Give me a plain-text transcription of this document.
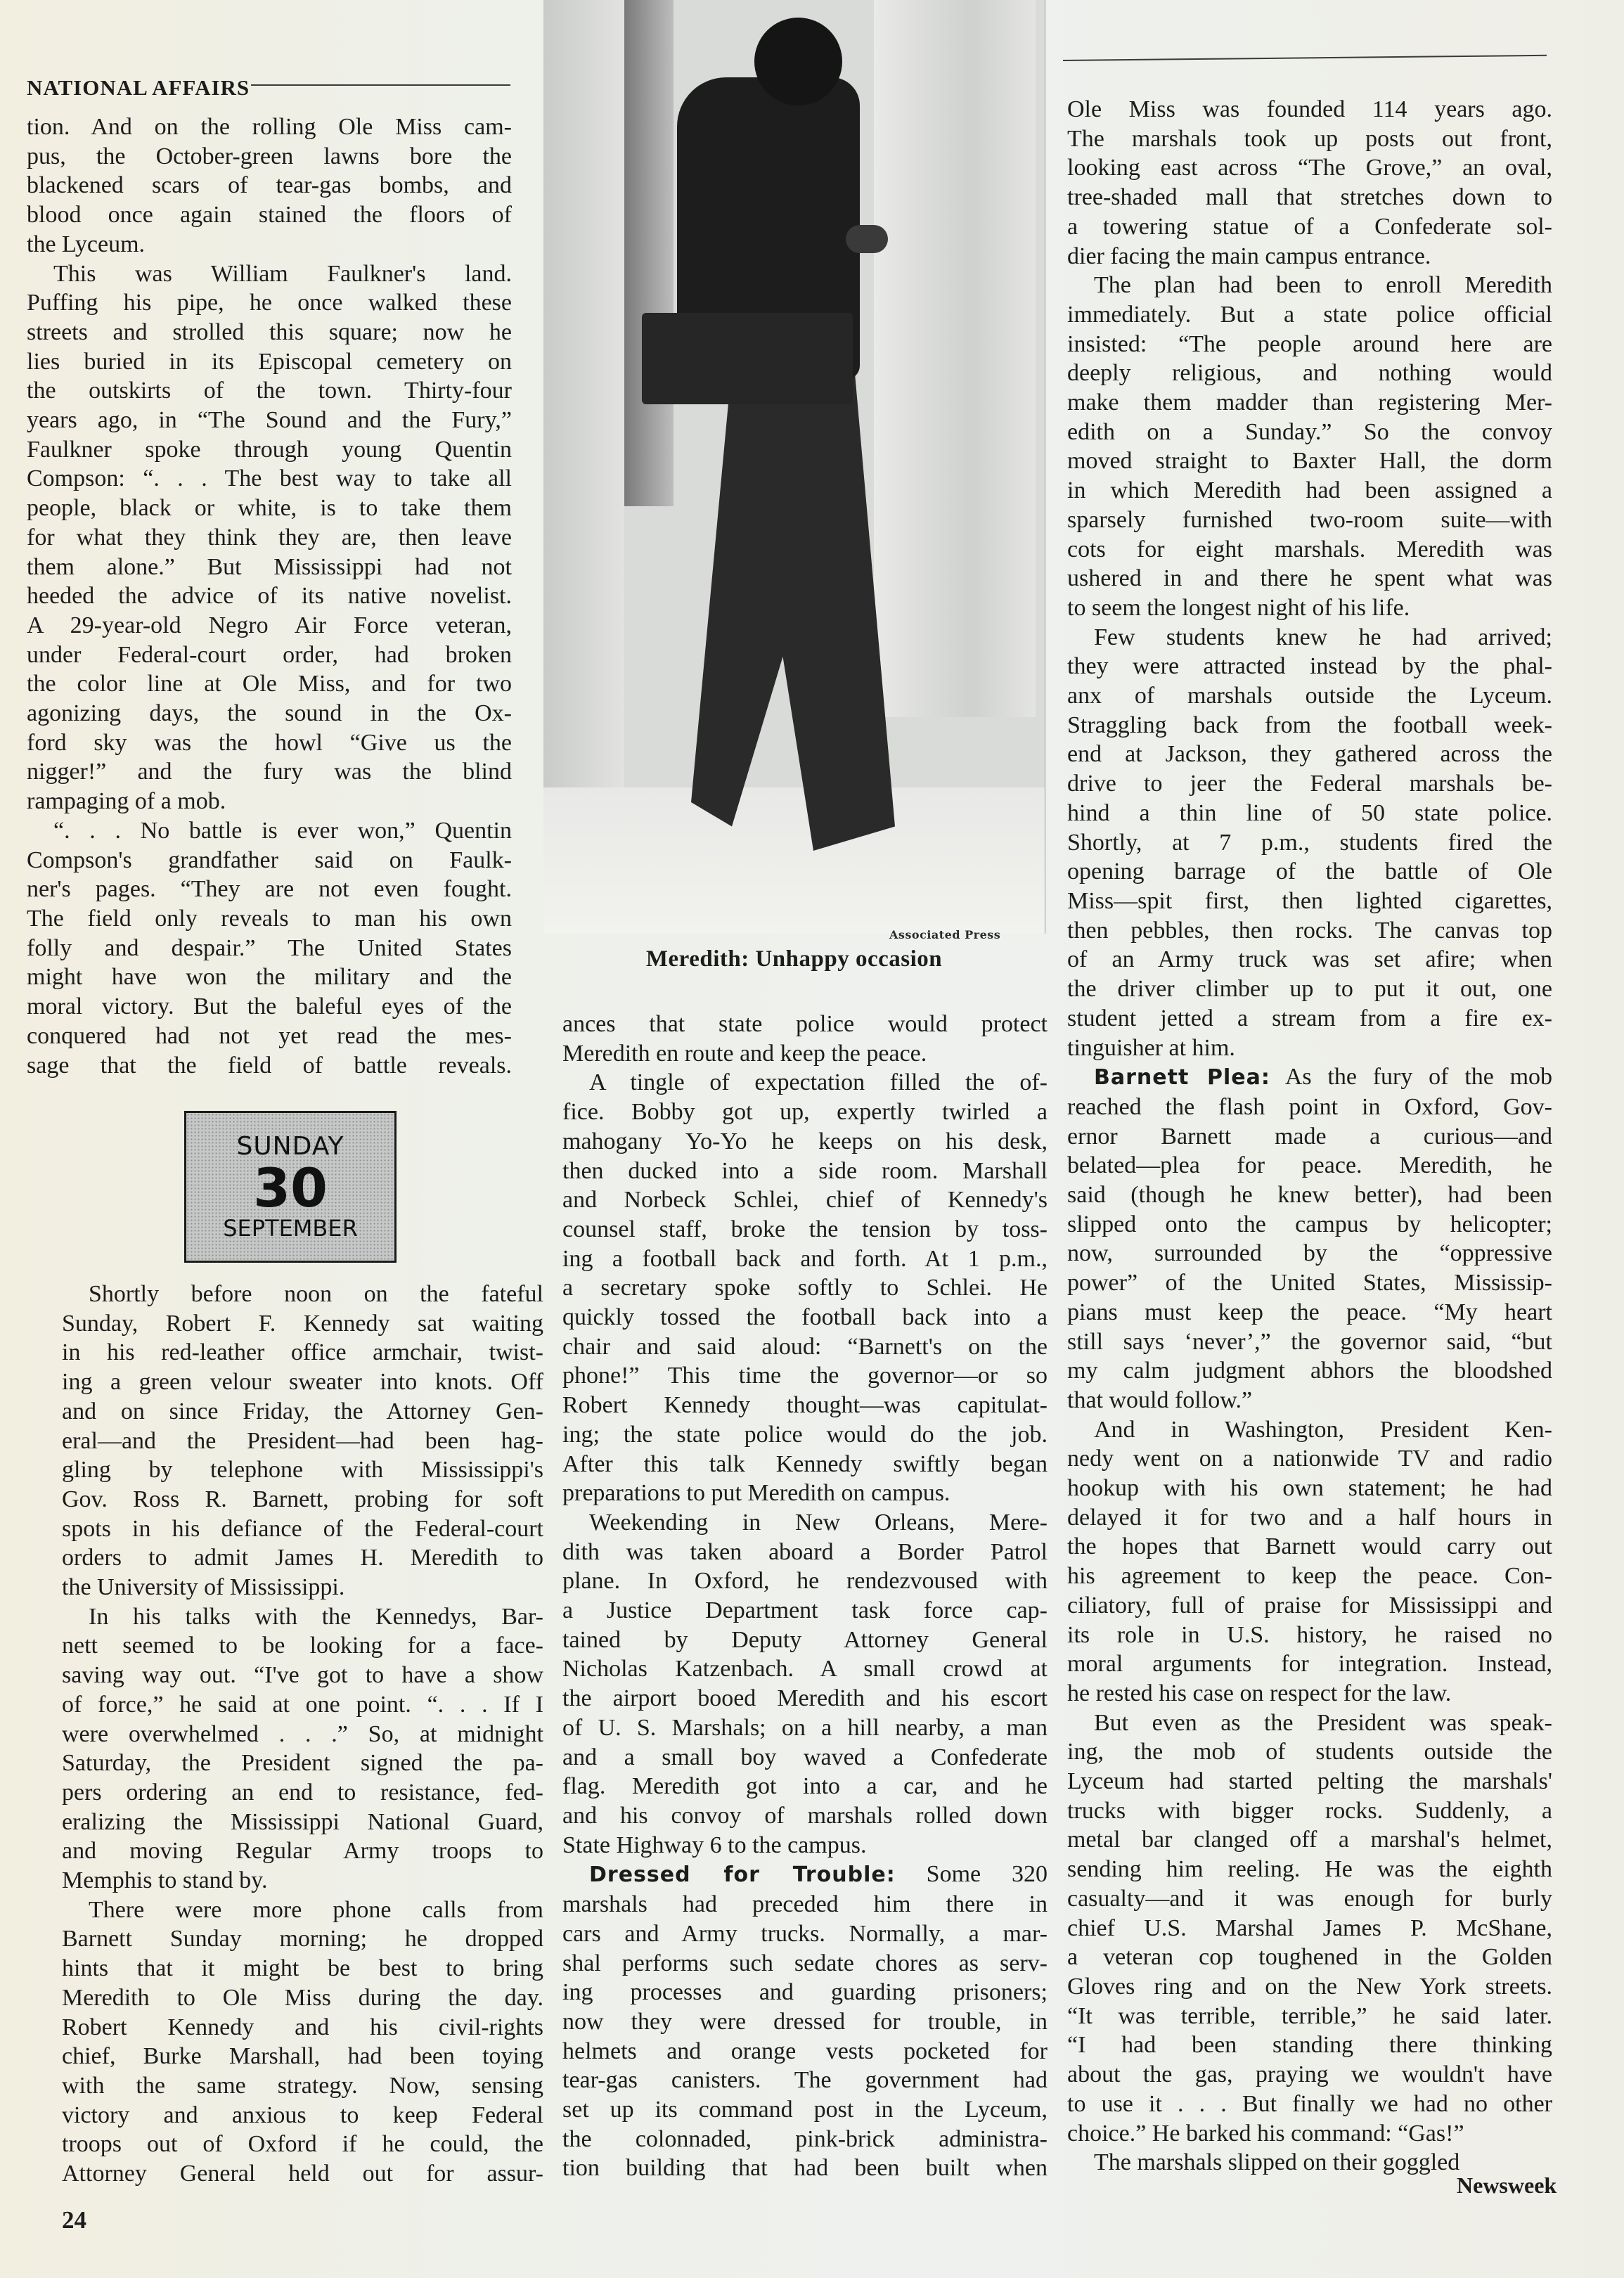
NATIONAL AFFAIRS

tion. And on the rolling Ole Miss cam-
pus, the October-green lawns bore the
blackened scars of tear-gas bombs, and
blood once again stained the floors of
the Lyceum.

This was William Faulkner's land.
Puffing his pipe, he once walked these
streets and strolled this square; now he
lies buried in its Episcopal cemetery on
the outskirts of the town. Thirty-four
years ago, in “The Sound and the Fury,”
Faulkner spoke through young Quentin
Compson: “. . . The best way to take all
people, black or white, is to take them
for what they think they are, then leave
them alone.” But Mississippi had not
heeded the advice of its native novelist.
A 29-year-old Negro Air Force veteran,
under Federal-court order, had broken
the color line at Ole Miss, and for two
agonizing days, the sound in the Ox-
ford sky was the howl “Give us the
nigger!” and the fury was the blind
rampaging of a mob.

“. . . No battle is ever won,” Quentin
Compson's grandfather said on Faulk-
ner's pages. “They are not even fought.
The field only reveals to man his own
folly and despair.” The United States
might have won the military and the
moral victory. But the baleful eyes of the
conquered had not yet read the mes-
sage that the field of battle reveals.

SUNDAY
30
SEPTEMBER

Shortly before noon on the fateful
Sunday, Robert F. Kennedy sat waiting
in his red-leather office armchair, twist-
ing a green velour sweater into knots. Off
and on since Friday, the Attorney Gen-
eral—and the President—had been hag-
gling by telephone with Mississippi's
Gov. Ross R. Barnett, probing for soft
spots in his defiance of the Federal-court
orders to admit James H. Meredith to
the University of Mississippi.

In his talks with the Kennedys, Bar-
nett seemed to be looking for a face-
saving way out. “I've got to have a show
of force,” he said at one point. “. . . If I
were overwhelmed . . .” So, at midnight
Saturday, the President signed the pa-
pers ordering an end to resistance, fed-
eralizing the Mississippi National Guard,
and moving Regular Army troops to
Memphis to stand by.

There were more phone calls from
Barnett Sunday morning; he dropped
hints that it might be best to bring
Meredith to Ole Miss during the day.
Robert Kennedy and his civil-rights
chief, Burke Marshall, had been toying
with the same strategy. Now, sensing
victory and anxious to keep Federal
troops out of Oxford if he could, the
Attorney General held out for assur-

Associated Press
Meredith: Unhappy occasion

ances that state police would protect
Meredith en route and keep the peace.

A tingle of expectation filled the of-
fice. Bobby got up, expertly twirled a
mahogany Yo-Yo he keeps on his desk,
then ducked into a side room. Marshall
and Norbeck Schlei, chief of Kennedy's
counsel staff, broke the tension by toss-
ing a football back and forth. At 1 p.m.,
a secretary spoke softly to Schlei. He
quickly tossed the football back into a
chair and said aloud: “Barnett's on the
phone!” This time the governor—or so
Robert Kennedy thought—was capitulat-
ing; the state police would do the job.
After this talk Kennedy swiftly began
preparations to put Meredith on campus.

Weekending in New Orleans, Mere-
dith was taken aboard a Border Patrol
plane. In Oxford, he rendezvoused with
a Justice Department task force cap-
tained by Deputy Attorney General
Nicholas Katzenbach. A small crowd at
the airport booed Meredith and his escort
of U. S. Marshals; on a hill nearby, a man
and a small boy waved a Confederate
flag. Meredith got into a car, and he
and his convoy of marshals rolled down
State Highway 6 to the campus.

Dressed for Trouble: Some 320
marshals had preceded him there in
cars and Army trucks. Normally, a mar-
shal performs such sedate chores as serv-
ing processes and guarding prisoners;
now they were dressed for trouble, in
helmets and orange vests pocketed for
tear-gas canisters. The government had
set up its command post in the Lyceum,
the colonnaded, pink-brick administra-
tion building that had been built when

Ole Miss was founded 114 years ago.
The marshals took up posts out front,
looking east across “The Grove,” an oval,
tree-shaded mall that stretches down to
a towering statue of a Confederate sol-
dier facing the main campus entrance.

The plan had been to enroll Meredith
immediately. But a state police official
insisted: “The people around here are
deeply religious, and nothing would
make them madder than registering Mer-
edith on a Sunday.” So the convoy
moved straight to Baxter Hall, the dorm
in which Meredith had been assigned a
sparsely furnished two-room suite—with
cots for eight marshals. Meredith was
ushered in and there he spent what was
to seem the longest night of his life.

Few students knew he had arrived;
they were attracted instead by the phal-
anx of marshals outside the Lyceum.
Straggling back from the football week-
end at Jackson, they gathered across the
drive to jeer the Federal marshals be-
hind a thin line of 50 state police.
Shortly, at 7 p.m., students fired the
opening barrage of the battle of Ole
Miss—spit first, then lighted cigarettes,
then pebbles, then rocks. The canvas top
of an Army truck was set afire; when
the driver climber up to put it out, one
student jetted a stream from a fire ex-
tinguisher at him.

Barnett Plea: As the fury of the mob
reached the flash point in Oxford, Gov-
ernor Barnett made a curious—and
belated—plea for peace. Meredith, he
said (though he knew better), had been
slipped onto the campus by helicopter;
now, surrounded by the “oppressive
power” of the United States, Mississip-
pians must keep the peace. “My heart
still says ‘never’,” the governor said, “but
my calm judgment abhors the bloodshed
that would follow.”

And in Washington, President Ken-
nedy went on a nationwide TV and radio
hookup with his own statement; he had
delayed it for two and a half hours in
the hopes that Barnett would carry out
his agreement to keep the peace. Con-
ciliatory, full of praise for Mississippi and
its role in U.S. history, he raised no
moral arguments for integration. Instead,
he rested his case on respect for the law.

But even as the President was speak-
ing, the mob of students outside the
Lyceum had started pelting the marshals'
trucks with bigger rocks. Suddenly, a
metal bar clanged off a marshal's helmet,
sending him reeling. He was the eighth
casualty—and it was enough for burly
chief U.S. Marshal James P. McShane,
a veteran cop toughened in the Golden
Gloves ring and on the New York streets.
“It was terrible, terrible,” he said later.
“I had been standing there thinking
about the gas, praying we wouldn't have
to use it . . . But finally we had no other
choice.” He barked his command: “Gas!”

The marshals slipped on their goggled

24
Newsweek
